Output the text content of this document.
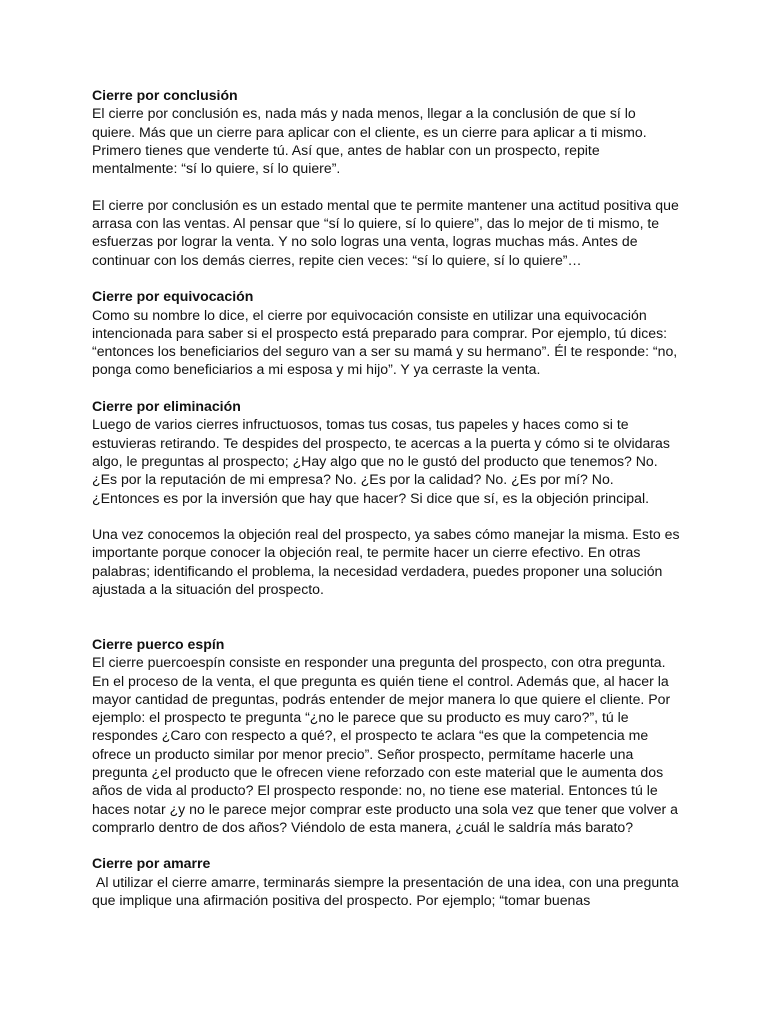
Cierre por conclusión

El cierre por conclusión es, nada más y nada menos, llegar a la conclusión de que sí lo quiere. Más que un cierre para aplicar con el cliente, es un cierre para aplicar a ti mismo. Primero tienes que venderte tú. Así que, antes de hablar con un prospecto, repite mentalmente: “sí lo quiere, sí lo quiere”.

El cierre por conclusión es un estado mental que te permite mantener una actitud positiva que arrasa con las ventas. Al pensar que “sí lo quiere, sí lo quiere”, das lo mejor de ti mismo, te esfuerzas por lograr la venta. Y no solo logras una venta, logras muchas más. Antes de continuar con los demás cierres, repite cien veces: “sí lo quiere, sí lo quiere”…

Cierre por equivocación

Como su nombre lo dice, el cierre por equivocación consiste en utilizar una equivocación intencionada para saber si el prospecto está preparado para comprar. Por ejemplo, tú dices: “entonces los beneficiarios del seguro van a ser su mamá y su hermano”. Él te responde: “no, ponga como beneficiarios a mi esposa y mi hijo”. Y ya cerraste la venta.

Cierre por eliminación

Luego de varios cierres infructuosos, tomas tus cosas, tus papeles y haces como si te estuvieras retirando. Te despides del prospecto, te acercas a la puerta y cómo si te olvidaras algo, le preguntas al prospecto; ¿Hay algo que no le gustó del producto que tenemos? No. ¿Es por la reputación de mi empresa? No. ¿Es por la calidad? No. ¿Es por mí? No. ¿Entonces es por la inversión que hay que hacer? Si dice que sí, es la objeción principal.

Una vez conocemos la objeción real del prospecto, ya sabes cómo manejar la misma. Esto es importante porque conocer la objeción real, te permite hacer un cierre efectivo. En otras palabras; identificando el problema, la necesidad verdadera, puedes proponer una solución ajustada a la situación del prospecto.

Cierre puerco espín

El cierre puercoespín consiste en responder una pregunta del prospecto, con otra pregunta. En el proceso de la venta, el que pregunta es quién tiene el control. Además que, al hacer la mayor cantidad de preguntas, podrás entender de mejor manera lo que quiere el cliente. Por ejemplo: el prospecto te pregunta “¿no le parece que su producto es muy caro?”, tú le respondes ¿Caro con respecto a qué?, el prospecto te aclara “es que la competencia me ofrece un producto similar por menor precio”. Señor prospecto, permítame hacerle una pregunta ¿el producto que le ofrecen viene reforzado con este material que le aumenta dos años de vida al producto? El prospecto responde: no, no tiene ese material. Entonces tú le haces notar ¿y no le parece mejor comprar este producto una sola vez que tener que volver a comprarlo dentro de dos años? Viéndolo de esta manera, ¿cuál le saldría más barato?

Cierre por amarre

Al utilizar el cierre amarre, terminarás siempre la presentación de una idea, con una pregunta que implique una afirmación positiva del prospecto. Por ejemplo; “tomar buenas
